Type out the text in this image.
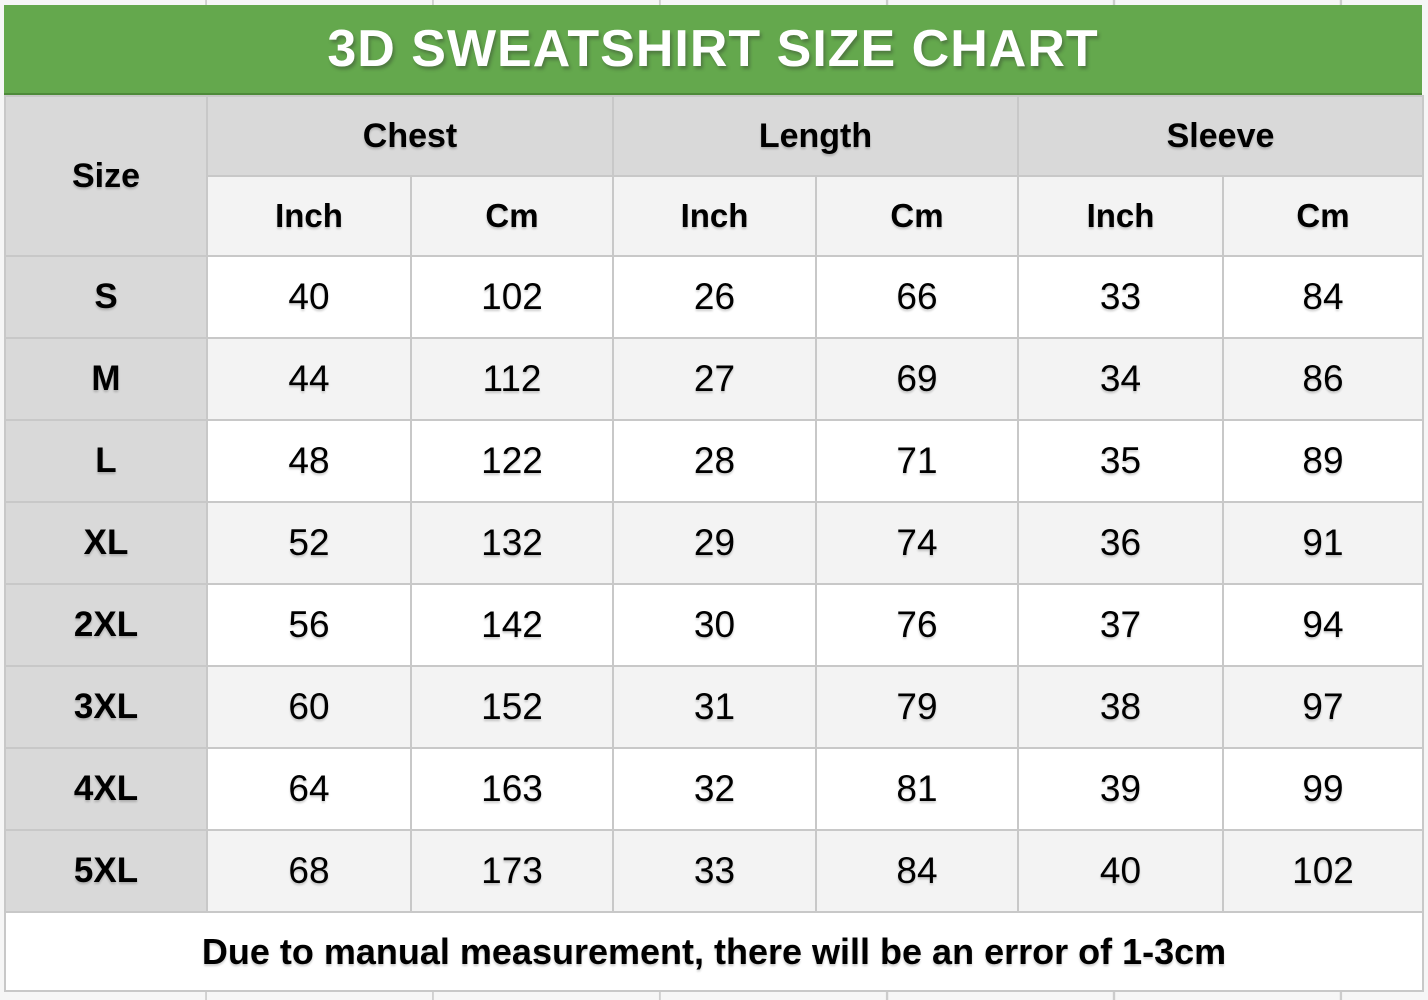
3D SWEATSHIRT SIZE CHART
Size	Chest		Length		Sleeve	
	Inch	Cm	Inch	Cm	Inch	Cm
S	40	102	26	66	33	84
M	44	112	27	69	34	86
L	48	122	28	71	35	89
XL	52	132	29	74	36	91
2XL	56	142	30	76	37	94
3XL	60	152	31	79	38	97
4XL	64	163	32	81	39	99
5XL	68	173	33	84	40	102
Due to manual measurement, there will be an error of 1-3cm						
